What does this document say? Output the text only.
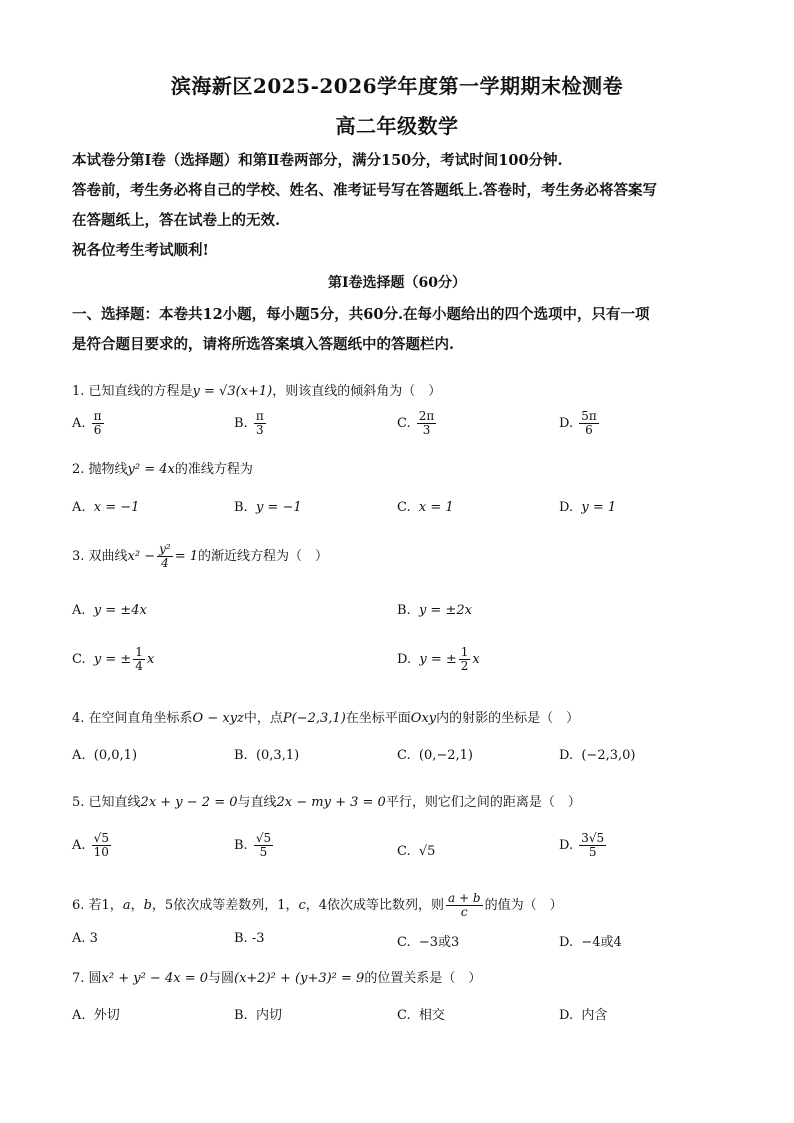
滨海新区2025-2026学年度第一学期期末检测卷
高二年级数学
本试卷分第Ⅰ卷（选择题）和第Ⅱ卷两部分，满分150分，考试时间100分钟.
答卷前，考生务必将自己的学校、姓名、准考证号写在答题纸上.答卷时，考生务必将答案写
在答题纸上，答在试卷上的无效.
祝各位考生考试顺利!
第Ⅰ卷选择题（60分）
一、选择题：本卷共12小题，每小题5分，共60分.在每小题给出的四个选项中，只有一项
是符合题目要求的，请将所选答案填入答题纸中的答题栏内.
1. 已知直线的方程是y = √3(x+1)，则该直线的倾斜角为（　）
A. $\frac{\pi}{6}$	B. $\frac{\pi}{3}$	C. $\frac{2\pi}{3}$	D. $\frac{5\pi}{6}$
2. 抛物线y² = 4x的准线方程为
A. x = −1	B. y = −1	C. x = 1	D. y = 1
3. 双曲线$x^2 - \frac{\text{y²}}{4} = 1$的渐近线方程为（　）
A. y = ±4x	B. y = ±2x
C. y = ± $\frac{1}{4}$ x	D. y = ± $\frac{1}{2}$ x
4. 在空间直角坐标系O − xyz中，点P(−2,3,1)在坐标平面Oxy内的射影的坐标是（　）
A. (0,0,1)	B. (0,3,1)	C. (0,−2,1)	D. (−2,3,0)
5. 已知直线2x + y − 2 = 0与直线2x − my + 3 = 0平行，则它们之间的距离是（　）
A. $\frac{√5}{10}$	B. $\frac{√5}{5}$	C. √5	D. $\frac{3√5}{5}$
6. 若1，a，b，5依次成等差数列，1，c，4依次成等比数列，则 $\frac{a + b}{c}$ 的值为（　）
A. 3	B. -3	C. −3或3	D. −4或4
7. 圆x² + y² − 4x = 0与圆(x+2)² + (y+3)² = 9的位置关系是（　）
A. 外切	B. 内切	C. 相交	D. 内含
